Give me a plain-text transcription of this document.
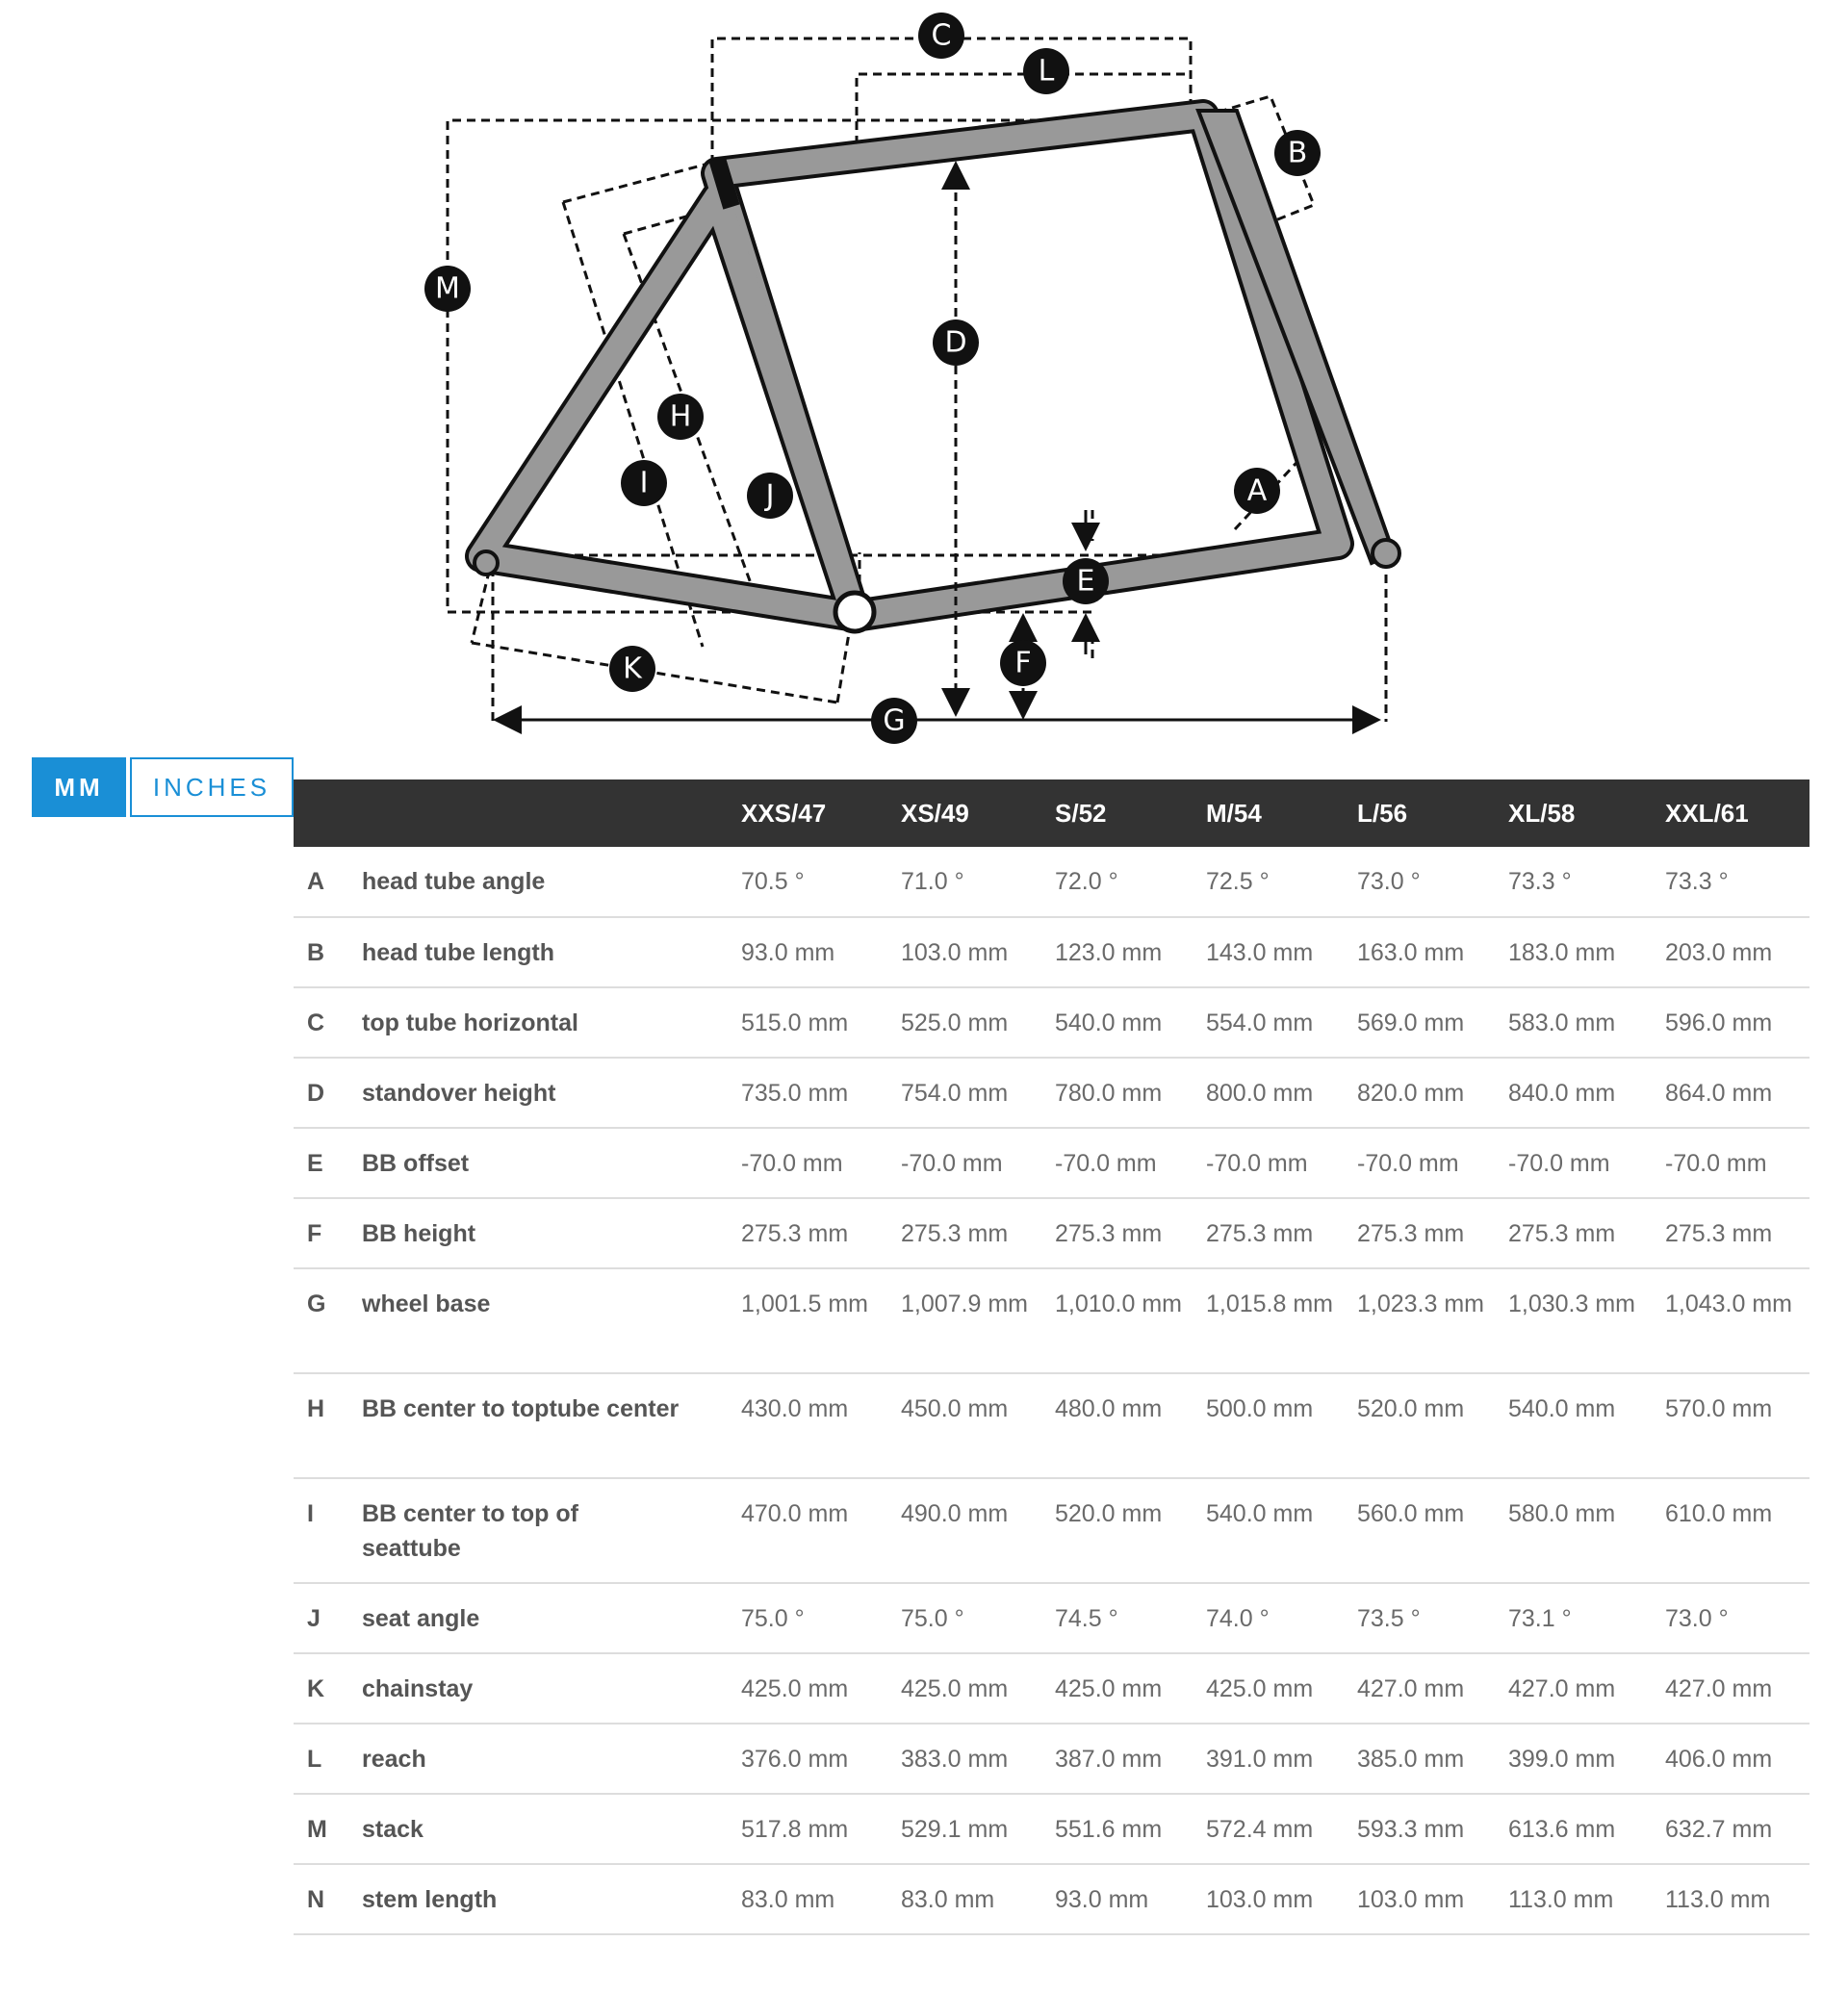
C
L
B
M
D
H
I	J	A
E
F
K
G
MM	INCHES
		XXS/47	XS/49	S/52	M/54	L/56	XL/58	XXL/61
A	head tube angle	70.5 °	71.0 °	72.0 °	72.5 °	73.0 °	73.3 °	73.3 °
B	head tube length	93.0 mm	103.0 mm	123.0 mm	143.0 mm	163.0 mm	183.0 mm	203.0 mm
C	top tube horizontal	515.0 mm	525.0 mm	540.0 mm	554.0 mm	569.0 mm	583.0 mm	596.0 mm
D	standover height	735.0 mm	754.0 mm	780.0 mm	800.0 mm	820.0 mm	840.0 mm	864.0 mm
E	BB offset	-70.0 mm	-70.0 mm	-70.0 mm	-70.0 mm	-70.0 mm	-70.0 mm	-70.0 mm
F	BB height	275.3 mm	275.3 mm	275.3 mm	275.3 mm	275.3 mm	275.3 mm	275.3 mm
G	wheel base	1,001.5 mm	1,007.9 mm	1,010.0 mm	1,015.8 mm	1,023.3 mm	1,030.3 mm	1,043.0 mm
H	BB center to toptube center	430.0 mm	450.0 mm	480.0 mm	500.0 mm	520.0 mm	540.0 mm	570.0 mm
I	BB center to top of seattube	470.0 mm	490.0 mm	520.0 mm	540.0 mm	560.0 mm	580.0 mm	610.0 mm
J	seat angle	75.0 °	75.0 °	74.5 °	74.0 °	73.5 °	73.1 °	73.0 °
K	chainstay	425.0 mm	425.0 mm	425.0 mm	425.0 mm	427.0 mm	427.0 mm	427.0 mm
L	reach	376.0 mm	383.0 mm	387.0 mm	391.0 mm	385.0 mm	399.0 mm	406.0 mm
M	stack	517.8 mm	529.1 mm	551.6 mm	572.4 mm	593.3 mm	613.6 mm	632.7 mm
N	stem length	83.0 mm	83.0 mm	93.0 mm	103.0 mm	103.0 mm	113.0 mm	113.0 mm
